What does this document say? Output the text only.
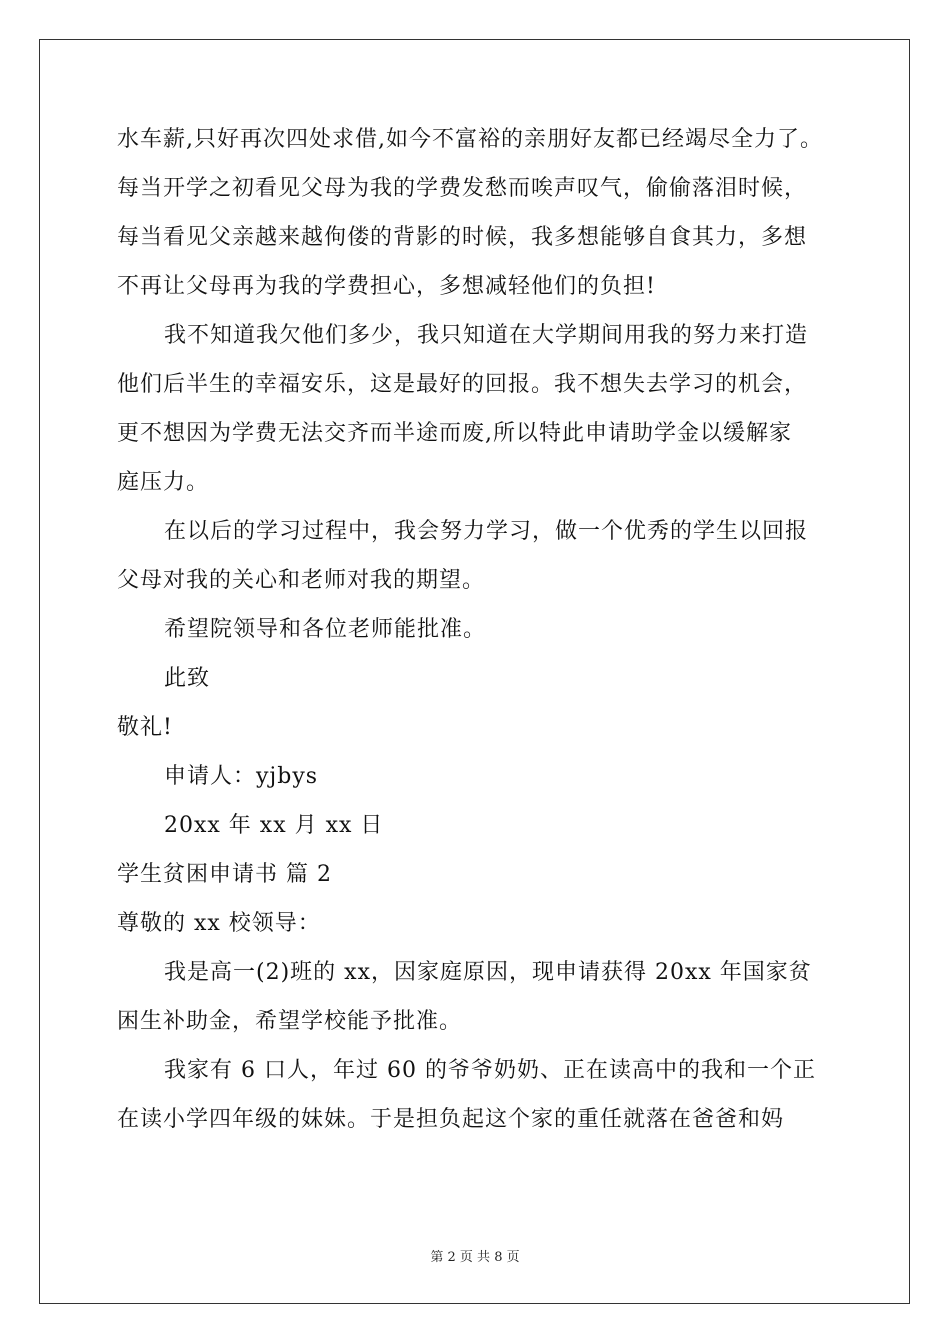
水车薪,只好再次四处求借,如今不富裕的亲朋好友都已经竭尽全力了。
每当开学之初看见父母为我的学费发愁而唉声叹气，偷偷落泪时候，
每当看见父亲越来越佝偻的背影的时候，我多想能够自食其力，多想
不再让父母再为我的学费担心，多想减轻他们的负担!
我不知道我欠他们多少，我只知道在大学期间用我的努力来打造
他们后半生的幸福安乐，这是最好的回报。我不想失去学习的机会，
更不想因为学费无法交齐而半途而废,所以特此申请助学金以缓解家
庭压力。
在以后的学习过程中，我会努力学习，做一个优秀的学生以回报
父母对我的关心和老师对我的期望。
希望院领导和各位老师能批准。
此致
敬礼!
申请人：yjbys
20xx 年 xx 月 xx 日
学生贫困申请书 篇 2
尊敬的 xx 校领导：
我是高一(2)班的 xx，因家庭原因，现申请获得 20xx 年国家贫
困生补助金，希望学校能予批准。
我家有 6 口人，年过 60 的爷爷奶奶、正在读高中的我和一个正
在读小学四年级的妹妹。于是担负起这个家的重任就落在爸爸和妈
第 2 页 共 8 页
